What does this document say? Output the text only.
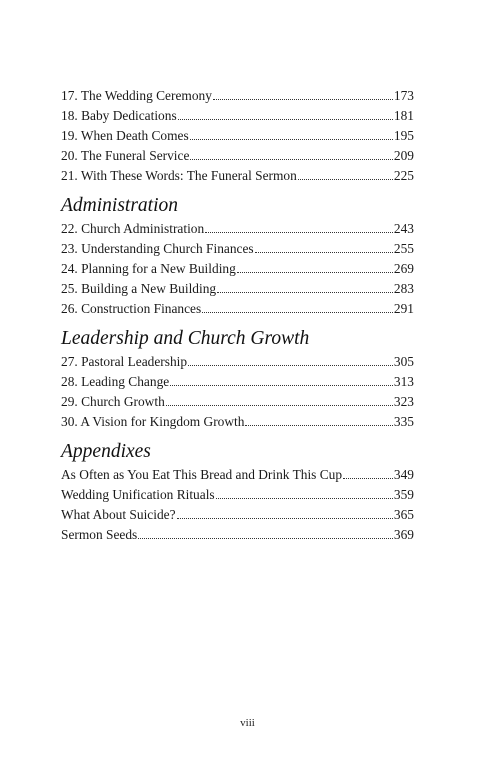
17. The Wedding Ceremony	173
18. Baby Dedications	181
19. When Death Comes	195
20. The Funeral Service	209
21. With These Words: The Funeral Sermon	225
Administration
22. Church Administration	243
23. Understanding Church Finances	255
24. Planning for a New Building	269
25. Building a New Building	283
26. Construction Finances	291
Leadership and Church Growth
27. Pastoral Leadership	305
28. Leading Change	313
29. Church Growth	323
30. A Vision for Kingdom Growth	335
Appendixes
As Often as You Eat This Bread and Drink This Cup	349
Wedding Unification Rituals	359
What About Suicide?	365
Sermon Seeds	369
viii
